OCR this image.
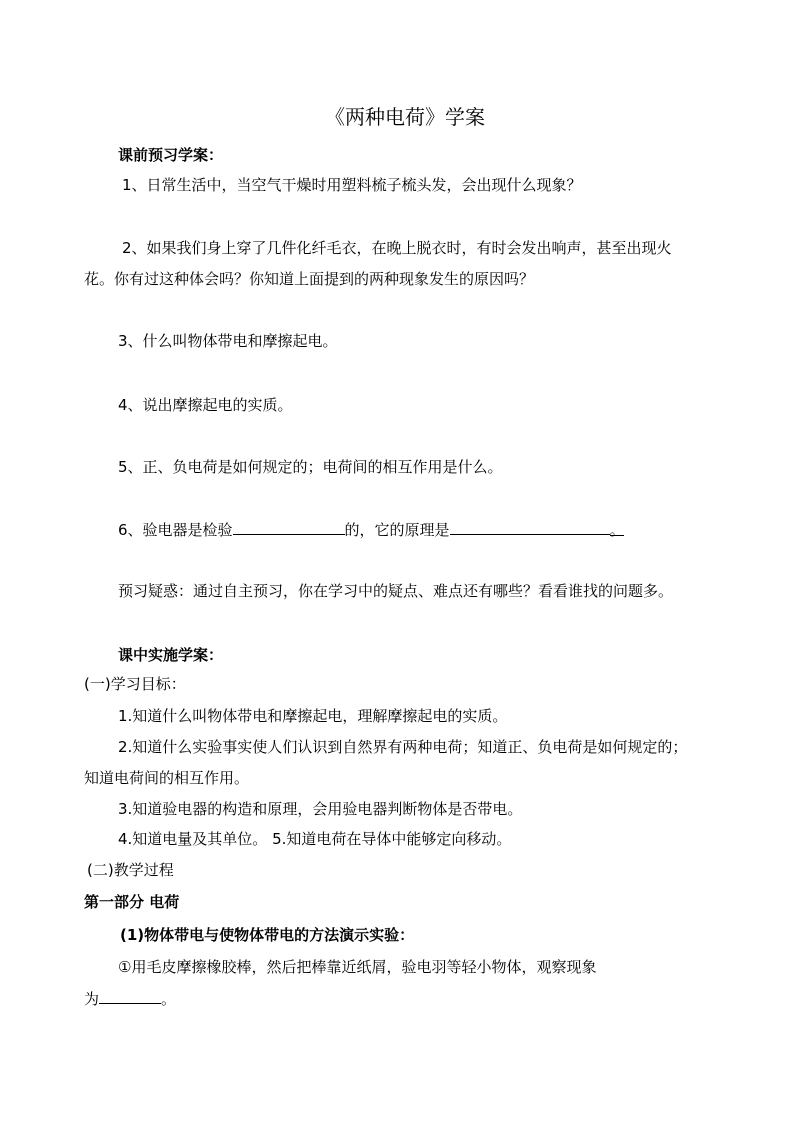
《两种电荷》学案
课前预习学案：
1、日常生活中，当空气干燥时用塑料梳子梳头发，会出现什么现象？
2、如果我们身上穿了几件化纤毛衣，在晚上脱衣时，有时会发出响声，甚至出现火
花。你有过这种体会吗？你知道上面提到的两种现象发生的原因吗？
3、什么叫物体带电和摩擦起电。
4、说出摩擦起电的实质。
5、正、负电荷是如何规定的；电荷间的相互作用是什么。
6、验电器是检验	的，它的原理是	。
预习疑惑：通过自主预习，你在学习中的疑点、难点还有哪些？看看谁找的问题多。
课中实施学案：
(一)学习目标：
1.知道什么叫物体带电和摩擦起电，理解摩擦起电的实质。
2.知道什么实验事实使人们认识到自然界有两种电荷；知道正、负电荷是如何规定的；
知道电荷间的相互作用。
3.知道验电器的构造和原理，会用验电器判断物体是否带电。
4.知道电量及其单位。 5.知道电荷在导体中能够定向移动。
(二)教学过程
第一部分 电荷
(1)物体带电与使物体带电的方法演示实验：
①用毛皮摩擦橡胶棒，然后把棒靠近纸屑，验电羽等轻小物体，观察现象
为	。
